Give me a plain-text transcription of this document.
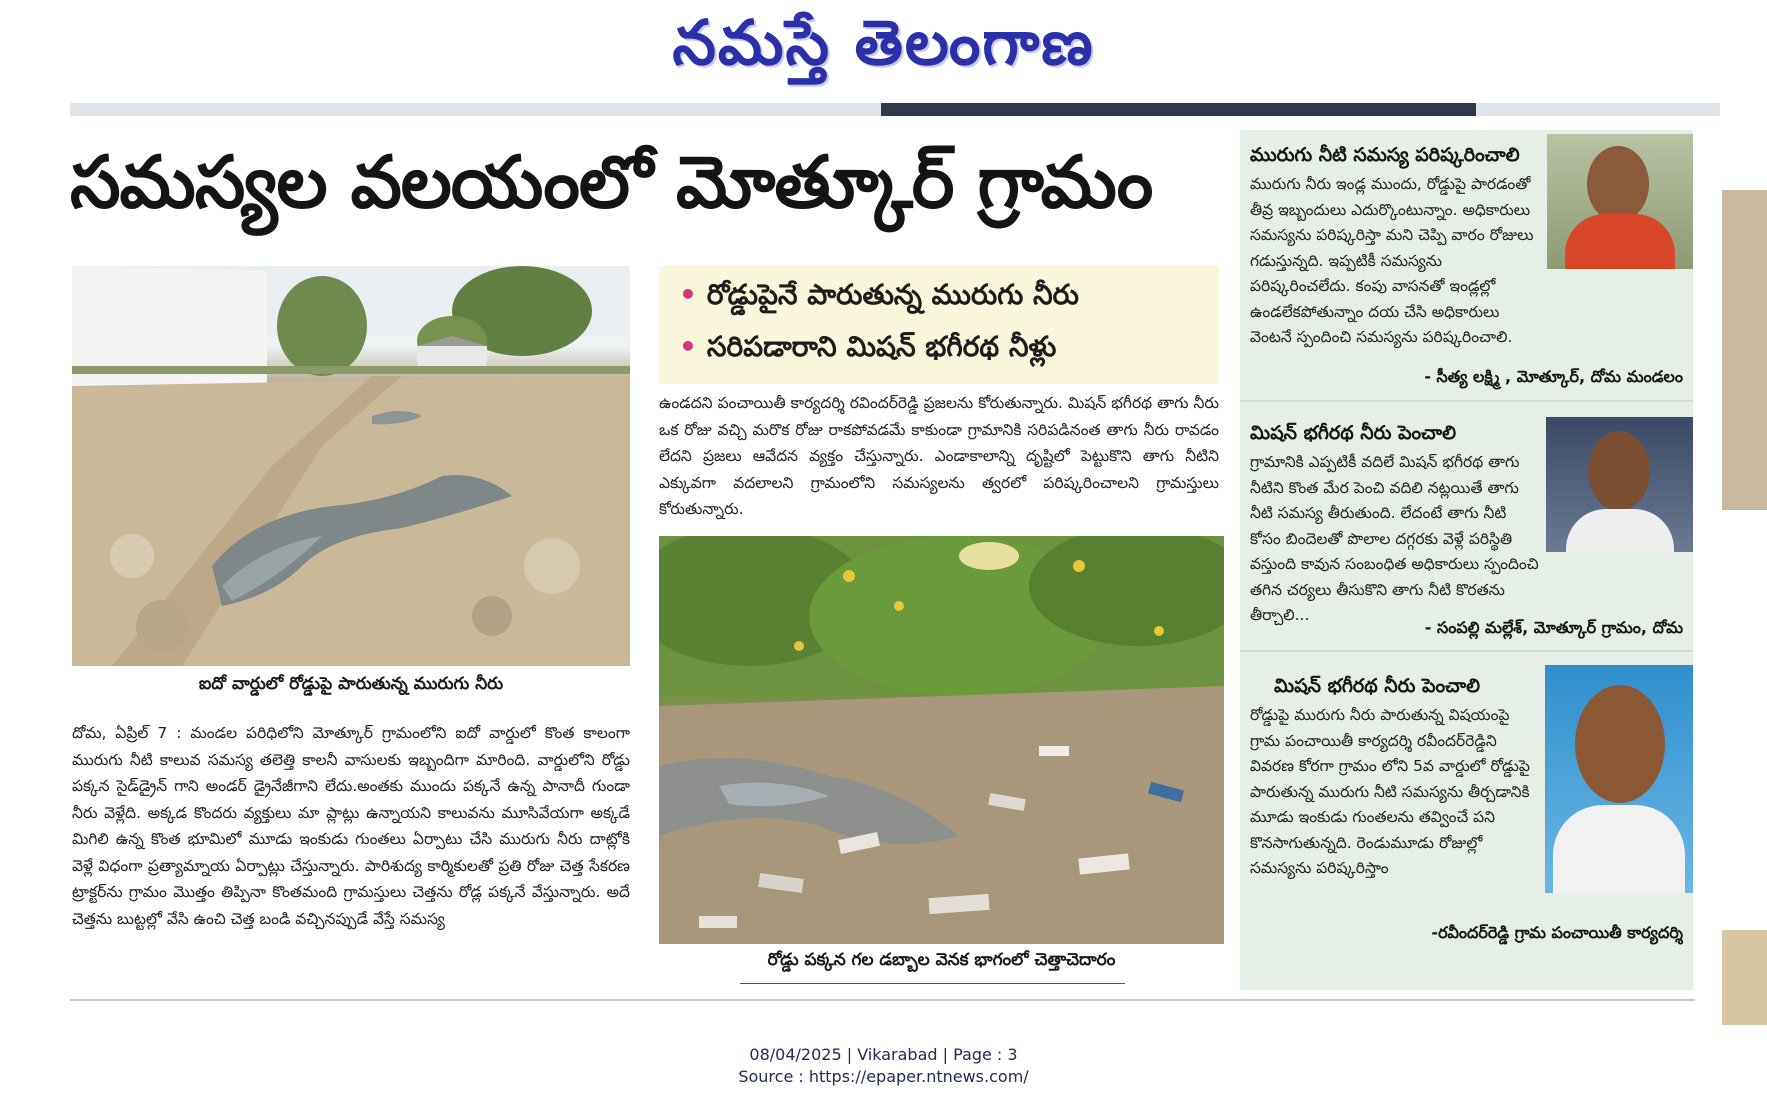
నమస్తే తెలంగాణ
సమస్యల వలయంలో మోత్కూర్ గ్రామం
ఐదో వార్డులో రోడ్డుపై పారుతున్న మురుగు నీరు
• రోడ్డుపైనే పారుతున్న మురుగు నీరు
• సరిపడారాని మిషన్ భగీరథ నీళ్లు
ఉండదని పంచాయితీ కార్యదర్శి రవిందర్‌రెడ్డి ప్రజలను కోరుతున్నారు. మిషన్ భగీరథ తాగు నీరు ఒక రోజు వచ్చి మరొక రోజు రాకపోవడమే కాకుండా గ్రామానికి సరిపడినంత తాగు నీరు రావడం లేదని ప్రజలు ఆవేదన వ్యక్తం చేస్తున్నారు. ఎండాకాలాన్ని దృష్టిలో పెట్టుకొని తాగు నీటిని ఎక్కువగా వదలాలని గ్రామంలోని సమస్యలను త్వరలో పరిష్కరించాలని గ్రామస్తులు కోరుతున్నారు.
రోడ్డు పక్కన గల డబ్బాల వెనక భాగంలో చెత్తాచెదారం
దోమ, ఏప్రిల్ 7 : మండల పరిధిలోని మోత్కూర్ గ్రామంలోని ఐదో వార్డులో కొంత కాలంగా మురుగు నీటి కాలువ సమస్య తలెత్తి కాలనీ వాసులకు ఇబ్బందిగా మారింది. వార్డులోని రోడ్డు పక్కన సైడ్‌డ్రైన్ గాని అండర్ డ్రైనేజీగాని లేదు.అంతకు ముందు పక్కనే ఉన్న పానాదీ గుండా నీరు వెళ్లేది. అక్కడ కొందరు వ్యక్తులు మా ప్లాట్లు ఉన్నాయని కాలువను మూసివేయగా అక్కడే మిగిలి ఉన్న కొంత భూమిలో మూడు ఇంకుడు గుంతలు ఏర్పాటు చేసి మురుగు నీరు దాట్లోకి వెళ్లే విధంగా ప్రత్యామ్నాయ ఏర్పాట్లు చేస్తున్నారు. పారిశుద్య కార్మికులతో ప్రతి రోజు చెత్త సేకరణ ట్రాక్టర్‌ను గ్రామం మొత్తం తిప్పినా కొంతమంది గ్రామస్తులు చెత్తను రోడ్ల పక్కనే వేస్తున్నారు. అదే చెత్తను బుట్టల్లో వేసి ఉంచి చెత్త బండి వచ్చినప్పుడే వేస్తే సమస్య
మురుగు నీటి సమస్య పరిష్కరించాలి
మురుగు నీరు ఇండ్ల ముందు, రోడ్డుపై పారడంతో తీవ్ర ఇబ్బందులు ఎదుర్కొంటున్నాం. అధికారులు సమస్యను పరిష్కరిస్తా మని చెప్పి వారం రోజులు గడుస్తున్నది. ఇప్పటికీ సమస్యను పరిష్కరించలేదు. కంపు వాసనతో ఇండ్లల్లో ఉండలేకపోతున్నాం దయ చేసి అధికారులు వెంటనే స్పందించి సమస్యను పరిష్కరించాలి.
- సీత్య లక్ష్మి , మోత్కూర్, దోమ మండలం
మిషన్ భగీరథ నీరు పెంచాలి
గ్రామానికి ఎప్పటికీ వదిలే మిషన్ భగీరథ తాగు నీటిని కొంత మేర పెంచి వదిలి నట్లయితే తాగు నీటి సమస్య తీరుతుంది. లేదంటే తాగు నీటి కోసం బిందెలతో పొలాల దగ్గరకు వెళ్లే పరిస్థితి వస్తుంది కావున సంబంధిత అధికారులు స్పందించి తగిన చర్యలు తీసుకొని తాగు నీటి కొరతను తీర్చాలి...
- సంపల్లి మల్లేశ్, మోత్కూర్ గ్రామం, దోమ
మిషన్ భగీరథ నీరు పెంచాలి
రోడ్డుపై మురుగు నీరు పారుతున్న విషయంపై గ్రామ పంచాయితీ కార్యదర్శి రవీందర్‌రెడ్డిని వివరణ కోరగా గ్రామం లోని 5వ వార్డులో రోడ్డుపై పారుతున్న మురుగు నీటి సమస్యను తీర్చడానికి మూడు ఇంకుడు గుంతలను తవ్వించే పని కొనసాగుతున్నది. రెండుమూడు రోజుల్లో సమస్యను పరిష్కరిస్తాం
-రవీందర్‌రెడ్డి గ్రామ పంచాయితీ కార్యదర్శి
08/04/2025 | Vikarabad | Page : 3
Source : https://epaper.ntnews.com/
